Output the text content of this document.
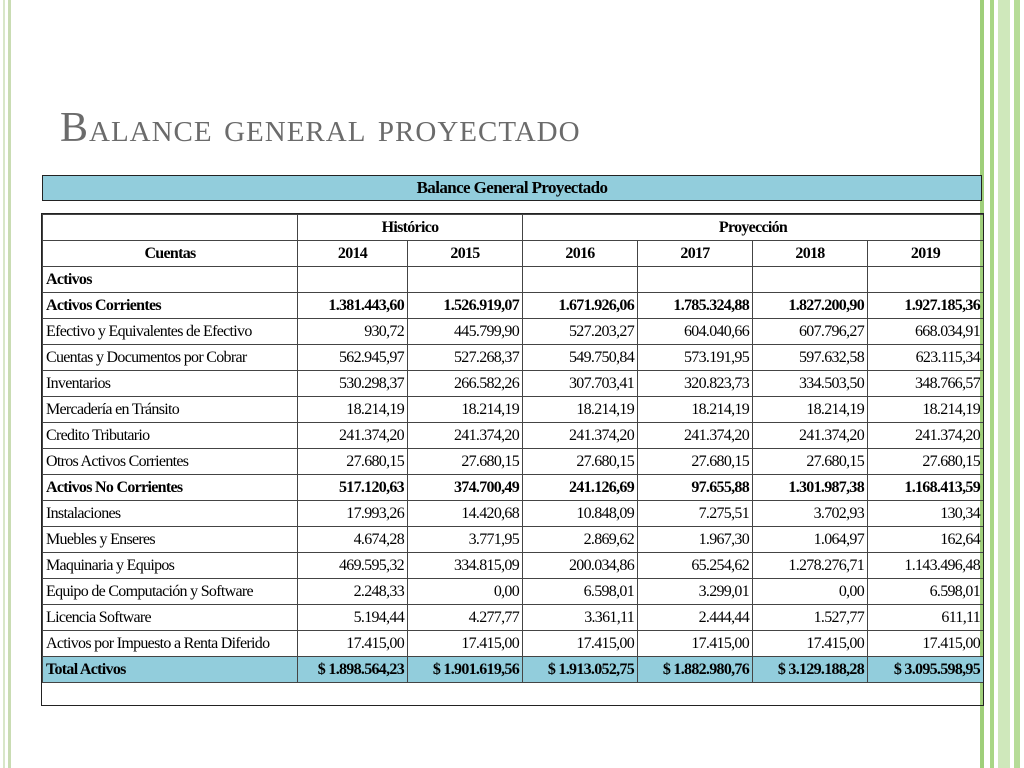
Balance general proyectado
Balance General Proyectado
	Histórico		Proyección			
Cuentas	2014	2015	2016	2017	2018	2019
Activos						
Activos Corrientes	1.381.443,60	1.526.919,07	1.671.926,06	1.785.324,88	1.827.200,90	1.927.185,36
Efectivo y Equivalentes de Efectivo	930,72	445.799,90	527.203,27	604.040,66	607.796,27	668.034,91
Cuentas y Documentos por Cobrar	562.945,97	527.268,37	549.750,84	573.191,95	597.632,58	623.115,34
Inventarios	530.298,37	266.582,26	307.703,41	320.823,73	334.503,50	348.766,57
Mercadería en Tránsito	18.214,19	18.214,19	18.214,19	18.214,19	18.214,19	18.214,19
Credito Tributario	241.374,20	241.374,20	241.374,20	241.374,20	241.374,20	241.374,20
Otros Activos Corrientes	27.680,15	27.680,15	27.680,15	27.680,15	27.680,15	27.680,15
Activos No Corrientes	517.120,63	374.700,49	241.126,69	97.655,88	1.301.987,38	1.168.413,59
Instalaciones	17.993,26	14.420,68	10.848,09	7.275,51	3.702,93	130,34
Muebles y Enseres	4.674,28	3.771,95	2.869,62	1.967,30	1.064,97	162,64
Maquinaria y Equipos	469.595,32	334.815,09	200.034,86	65.254,62	1.278.276,71	1.143.496,48
Equipo de Computación y Software	2.248,33	0,00	6.598,01	3.299,01	0,00	6.598,01
Licencia Software	5.194,44	4.277,77	3.361,11	2.444,44	1.527,77	611,11
Activos por Impuesto a Renta Diferido	17.415,00	17.415,00	17.415,00	17.415,00	17.415,00	17.415,00
Total Activos	$ 1.898.564,23	$ 1.901.619,56	$ 1.913.052,75	$ 1.882.980,76	$ 3.129.188,28	$ 3.095.598,95
